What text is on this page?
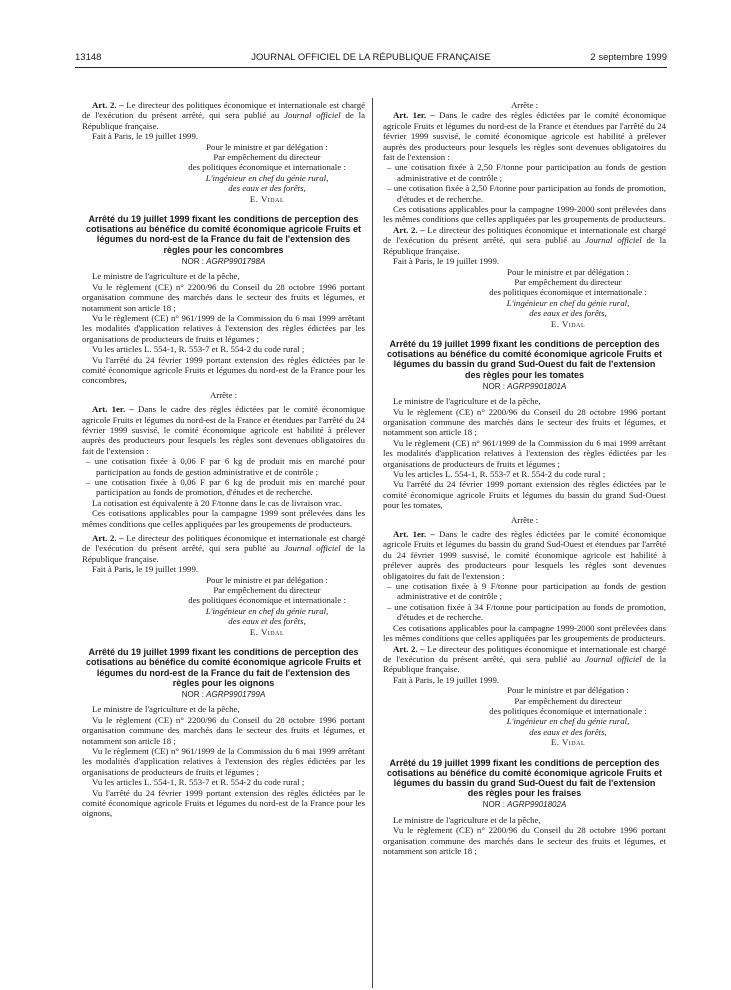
13148	JOURNAL OFFICIEL DE LA RÉPUBLIQUE FRANÇAISE	2 septembre 1999

Art. 2. – Le directeur des politiques économique et internationale est chargé de l'exécution du présent arrêté, qui sera publié au Journal officiel de la République française.

Fait à Paris, le 19 juillet 1999.

Pour le ministre et par délégation :
Par empêchement du directeur
des politiques économique et internationale :
L'ingénieur en chef du génie rural,
des eaux et des forêts,
E. Vidal
Arrêté du 19 juillet 1999 fixant les conditions de perception des cotisations au bénéfice du comité économique agricole Fruits et légumes du nord-est de la France du fait de l'extension des règles pour les concombres
NOR : AGRP9901798A

Le ministre de l'agriculture et de la pêche,

Vu le règlement (CE) n° 2200/96 du Conseil du 28 octobre 1996 portant organisation commune des marchés dans le secteur des fruits et légumes, et notamment son article 18 ;

Vu le règlement (CE) n° 961/1999 de la Commission du 6 mai 1999 arrêtant les modalités d'application relatives à l'extension des règles édictées par les organisations de producteurs de fruits et légumes ;

Vu les articles L. 554-1, R. 553-7 et R. 554-2 du code rural ;

Vu l'arrêté du 24 février 1999 portant extension des règles édictées par le comité économique agricole Fruits et légumes du nord-est de la France pour les concombres,

Arrête :

Art. 1er. – Dans le cadre des règles édictées par le comité économique agricole Fruits et légumes du nord-est de la France et étendues par l'arrêté du 24 février 1999 susvisé, le comité économique agricole est habilité à prélever auprès des producteurs pour lesquels les règles sont devenues obligatoires du fait de l'extension :

– une cotisation fixée à 0,06 F par 6 kg de produit mis en marché pour participation au fonds de gestion administrative et de contrôle ;
– une cotisation fixée à 0,06 F par 6 kg de produit mis en marché pour participation au fonds de promotion, d'études et de recherche.

La cotisation est équivalente à 20 F/tonne dans le cas de livraison vrac.

Ces cotisations applicables pour la campagne 1999 sont prélevées dans les mêmes conditions que celles appliquées par les groupements de producteurs.

Art. 2. – Le directeur des politiques économique et internationale est chargé de l'exécution du présent arrêté, qui sera publié au Journal officiel de la République française.

Fait à Paris, le 19 juillet 1999.

Pour le ministre et par délégation :
Par empêchement du directeur
des politiques économique et internationale :
L'ingénieur en chef du génie rural,
des eaux et des forêts,
E. Vidal
Arrêté du 19 juillet 1999 fixant les conditions de perception des cotisations au bénéfice du comité économique agricole Fruits et légumes du nord-est de la France du fait de l'extension des règles pour les oignons
NOR : AGRP9901799A

Le ministre de l'agriculture et de la pêche,

Vu le règlement (CE) n° 2200/96 du Conseil du 28 octobre 1996 portant organisation commune des marchés dans le secteur des fruits et légumes, et notamment son article 18 ;

Vu le règlement (CE) n° 961/1999 de la Commission du 6 mai 1999 arrêtant les modalités d'application relatives à l'extension des règles édictées par les organisations de producteurs de fruits et légumes ;

Vu les articles L. 554-1, R. 553-7 et R. 554-2 du code rural ;

Vu l'arrêté du 24 février 1999 portant extension des règles édictées par le comité économique agricole Fruits et légumes du nord-est de la France pour les oignons,

Arrête :

Art. 1er. – Dans le cadre des règles édictées par le comité économique agricole Fruits et légumes du nord-est de la France et étendues par l'arrêté du 24 février 1999 susvisé, le comité économique agricole est habilité à prélever auprès des producteurs pour lesquels les règles sont devenues obligatoires du fait de l'extension :

– une cotisation fixée à 2,50 F/tonne pour participation au fonds de gestion administrative et de contrôle ;
– une cotisation fixée à 2,50 F/tonne pour participation au fonds de promotion, d'études et de recherche.

Ces cotisations applicables pour la campagne 1999-2000 sont prélevées dans les mêmes conditions que celles appliquées par les groupements de producteurs.

Art. 2. – Le directeur des politiques économique et internationale est chargé de l'exécution du présent arrêté, qui sera publié au Journal officiel de la République française.

Fait à Paris, le 19 juillet 1999.

Pour le ministre et par délégation :
Par empêchement du directeur
des politiques économique et internationale :
L'ingénieur en chef du génie rural,
des eaux et des forêts,
E. Vidal
Arrêté du 19 juillet 1999 fixant les conditions de perception des cotisations au bénéfice du comité économique agricole Fruits et légumes du bassin du grand Sud-Ouest du fait de l'extension des règles pour les tomates
NOR : AGRP9901801A

Le ministre de l'agriculture et de la pêche,

Vu le règlement (CE) n° 2200/96 du Conseil du 28 octobre 1996 portant organisation commune des marchés dans le secteur des fruits et légumes, et notamment son article 18 ;

Vu le règlement (CE) n° 961/1999 de la Commission du 6 mai 1999 arrêtant les modalités d'application relatives à l'extension des règles édictées par les organisations de producteurs de fruits et légumes ;

Vu les articles L. 554-1, R. 553-7 et R. 554-2 du code rural ;

Vu l'arrêté du 24 février 1999 portant extension des règles édictées par le comité économique agricole Fruits et légumes du bassin du grand Sud-Ouest pour les tomates,

Arrête :

Art. 1er. – Dans le cadre des règles édictées par le comité économique agricole Fruits et légumes du bassin du grand Sud-Ouest et étendues par l'arrêté du 24 février 1999 susvisé, le comité économique agricole est habilité à prélever auprès des producteurs pour lesquels les règles sont devenues obligatoires du fait de l'extension :

– une cotisation fixée à 9 F/tonne pour participation au fonds de gestion administrative et de contrôle ;
– une cotisation fixée à 34 F/tonne pour participation au fonds de promotion, d'études et de recherche.

Ces cotisations applicables pour la campagne 1999-2000 sont prélevées dans les mêmes conditions que celles appliquées par les groupements de producteurs.

Art. 2. – Le directeur des politiques économique et internationale est chargé de l'exécution du présent arrêté, qui sera publié au Journal officiel de la République française.

Fait à Paris, le 19 juillet 1999.

Pour le ministre et par délégation :
Par empêchement du directeur
des politiques économique et internationale :
L'ingénieur en chef du génie rural,
des eaux et des forêts,
E. Vidal
Arrêté du 19 juillet 1999 fixant les conditions de perception des cotisations au bénéfice du comité économique agricole Fruits et légumes du bassin du grand Sud-Ouest du fait de l'extension des règles pour les fraises
NOR : AGRP9901802A

Le ministre de l'agriculture et de la pêche,

Vu le règlement (CE) n° 2200/96 du Conseil du 28 octobre 1996 portant organisation commune des marchés dans le secteur des fruits et légumes, et notamment son article 18 ;
